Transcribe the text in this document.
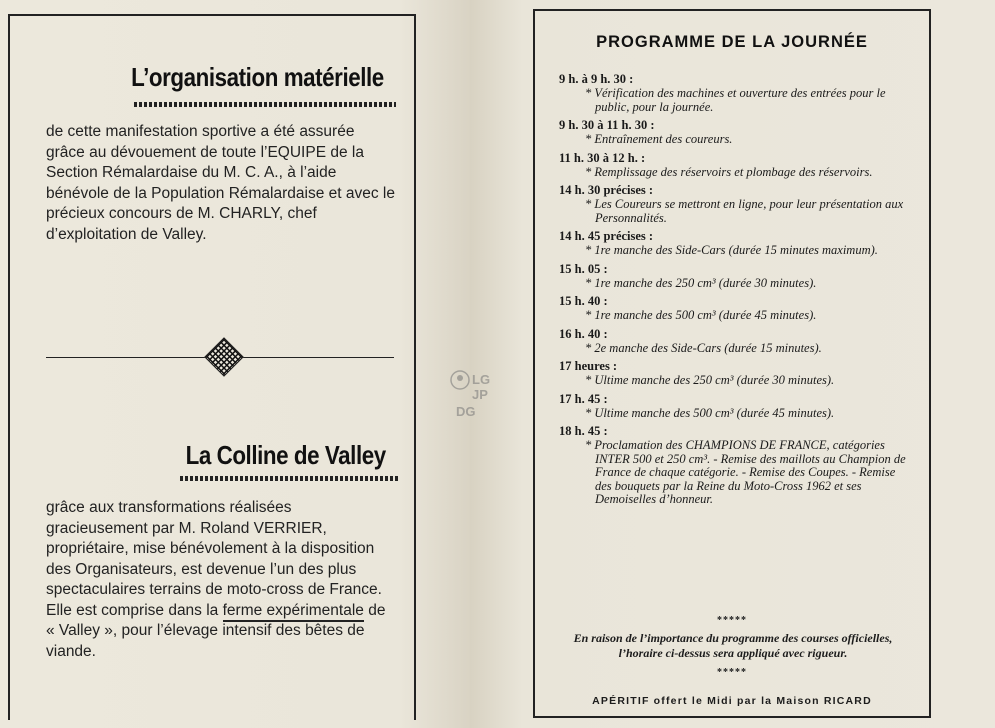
L’organisation matérielle
de cette manifestation sportive a été assurée grâce au dévouement de toute l’EQUIPE de la Section Rémalardaise du M. C. A., à l’aide bénévole de la Population Rémalardaise et avec le précieux concours de M. CHARLY, chef d’exploitation de Valley.
La Colline de Valley
grâce aux transformations réalisées gracieusement par M. Roland VERRIER, propriétaire, mise bénévolement à la disposition des Organisateurs, est devenue l’un des plus spectaculaires terrains de moto-cross de France. Elle est comprise dans la ferme expérimentale de « Valley », pour l’élevage intensif des bêtes de viande.
LG
JP
DG
PROGRAMME DE LA JOURNÉE
9 h. à 9 h. 30 :
* Vérification des machines et ouverture des entrées pour le public, pour la journée.
9 h. 30 à 11 h. 30 :
* Entraînement des coureurs.
11 h. 30 à 12 h. :
* Remplissage des réservoirs et plombage des réservoirs.
14 h. 30 précises :
* Les Coureurs se mettront en ligne, pour leur présentation aux Personnalités.
14 h. 45 précises :
* 1re manche des Side-Cars (durée 15 minutes maximum).
15 h. 05 :
* 1re manche des 250 cm³ (durée 30 minutes).
15 h. 40 :
* 1re manche des 500 cm³ (durée 45 minutes).
16 h. 40 :
* 2e manche des Side-Cars (durée 15 minutes).
17 heures :
* Ultime manche des 250 cm³ (durée 30 minutes).
17 h. 45 :
* Ultime manche des 500 cm³ (durée 45 minutes).
18 h. 45 :
* Proclamation des CHAMPIONS DE FRANCE, catégories INTER 500 et 250 cm³. - Remise des maillots au Champion de France de chaque catégorie. - Remise des Coupes. - Remise des bouquets par la Reine du Moto-Cross 1962 et ses Demoiselles d’honneur.
*****
En raison de l’importance du programme des courses officielles, l’horaire ci-dessus sera appliqué avec rigueur.
*****
APÉRITIF offert le Midi par la Maison RICARD
